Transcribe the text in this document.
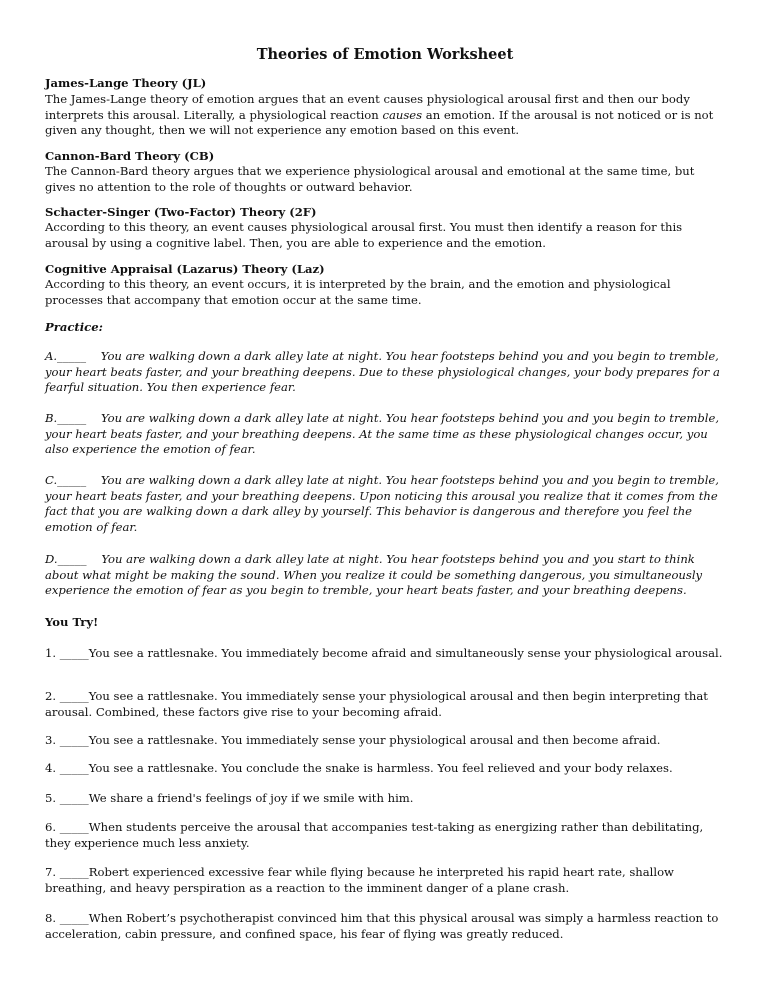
Theories of Emotion Worksheet
James-Lange Theory (JL)

The James-Lange theory of emotion argues that an event causes physiological arousal first and then our body interprets this arousal. Literally, a physiological reaction causes an emotion. If the arousal is not noticed or is not given any thought, then we will not experience any emotion based on this event.

Cannon-Bard Theory (CB)

The Cannon-Bard theory argues that we experience physiological arousal and emotional at the same time, but gives no attention to the role of thoughts or outward behavior.

Schacter-Singer (Two-Factor) Theory (2F)

According to this theory, an event causes physiological arousal first. You must then identify a reason for this arousal by using a cognitive label. Then, you are able to experience and the emotion.

Cognitive Appraisal (Lazarus) Theory (Laz)

According to this theory, an event occurs, it is interpreted by the brain, and the emotion and physiological processes that accompany that emotion occur at the same time.

Practice:

A._____ You are walking down a dark alley late at night. You hear footsteps behind you and you begin to tremble, your heart beats faster, and your breathing deepens. Due to these physiological changes, your body prepares for a fearful situation. You then experience fear.

B._____ You are walking down a dark alley late at night. You hear footsteps behind you and you begin to tremble, your heart beats faster, and your breathing deepens. At the same time as these physiological changes occur, you also experience the emotion of fear.

C._____ You are walking down a dark alley late at night. You hear footsteps behind you and you begin to tremble, your heart beats faster, and your breathing deepens. Upon noticing this arousal you realize that it comes from the fact that you are walking down a dark alley by yourself. This behavior is dangerous and therefore you feel the emotion of fear.

D._____ You are walking down a dark alley late at night. You hear footsteps behind you and you start to think about what might be making the sound. When you realize it could be something dangerous, you simultaneously experience the emotion of fear as you begin to tremble, your heart beats faster, and your breathing deepens.

You Try!

1. _____You see a rattlesnake. You immediately become afraid and simultaneously sense your physiological arousal.

2. _____You see a rattlesnake. You immediately sense your physiological arousal and then begin interpreting that arousal. Combined, these factors give rise to your becoming afraid.

3. _____You see a rattlesnake. You immediately sense your physiological arousal and then become afraid.

4. _____You see a rattlesnake. You conclude the snake is harmless. You feel relieved and your body relaxes.

5. _____We share a friend's feelings of joy if we smile with him.

6. _____When students perceive the arousal that accompanies test-taking as energizing rather than debilitating, they experience much less anxiety.

7. _____Robert experienced excessive fear while flying because he interpreted his rapid heart rate, shallow breathing, and heavy perspiration as a reaction to the imminent danger of a plane crash.

8. _____When Robert’s psychotherapist convinced him that this physical arousal was simply a harmless reaction to acceleration, cabin pressure, and confined space, his fear of flying was greatly reduced.
